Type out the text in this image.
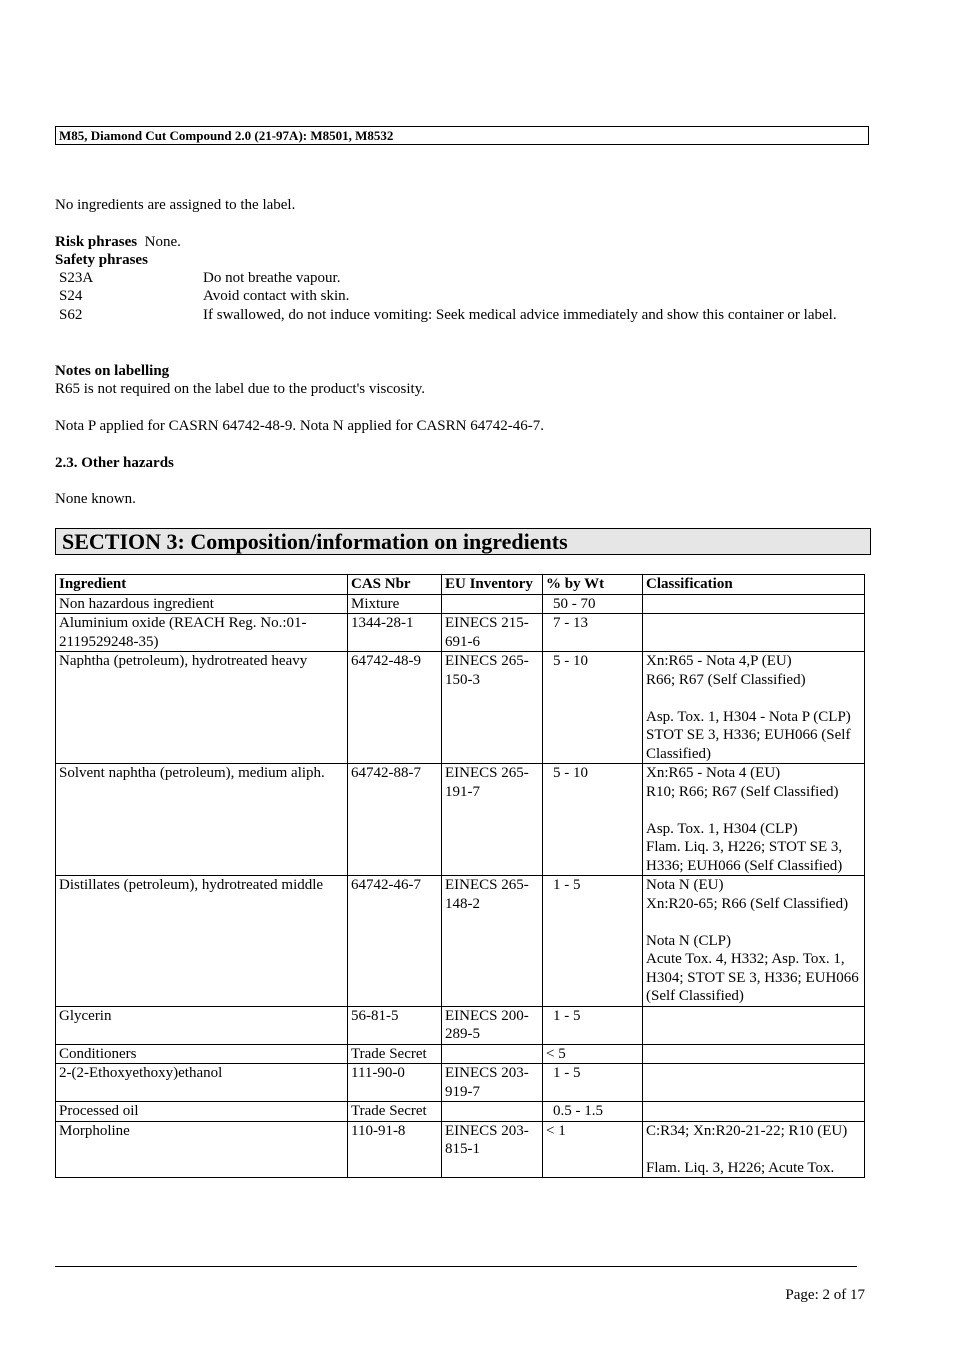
M85, Diamond Cut Compound 2.0 (21-97A): M8501, M8532
No ingredients are assigned to the label.
Risk phrases None.
Safety phrases
S23A	Do not breathe vapour.
S24	Avoid contact with skin.
S62	If swallowed, do not induce vomiting: Seek medical advice immediately and show this container or label.
Notes on labelling
R65 is not required on the label due to the product's viscosity.
Nota P applied for CASRN 64742-48-9. Nota N applied for CASRN 64742-46-7.
2.3. Other hazards
None known.
SECTION 3: Composition/information on ingredients
Ingredient	CAS Nbr	EU Inventory	% by Wt	Classification
Non hazardous ingredient	Mixture		50 - 70	
Aluminium oxide (REACH Reg. No.:01-2119529248-35)	1344-28-1	EINECS 215-691-6	7 - 13	
Naphtha (petroleum), hydrotreated heavy	64742-48-9	EINECS 265-150-3	5 - 10	Xn:R65 - Nota 4,P (EU)
R66; R67 (Self Classified)

Asp. Tox. 1, H304 - Nota P (CLP)
STOT SE 3, H336; EUH066 (Self Classified)

Solvent naphtha (petroleum), medium aliph.	64742-88-7	EINECS 265-191-7	5 - 10	Xn:R65 - Nota 4 (EU)
R10; R66; R67 (Self Classified)

Asp. Tox. 1, H304 (CLP)
Flam. Liq. 3, H226; STOT SE 3, H336; EUH066 (Self Classified)

Distillates (petroleum), hydrotreated middle	64742-46-7	EINECS 265-148-2	1 - 5	Nota N (EU)
Xn:R20-65; R66 (Self Classified)

Nota N (CLP)
Acute Tox. 4, H332; Asp. Tox. 1, H304; STOT SE 3, H336; EUH066 (Self Classified)

Glycerin	56-81-5	EINECS 200-289-5	1 - 5	
Conditioners	Trade Secret		< 5	
2-(2-Ethoxyethoxy)ethanol	111-90-0	EINECS 203-919-7	1 - 5	
Processed oil	Trade Secret		0.5 - 1.5	
Morpholine	110-91-8	EINECS 203-815-1	< 1	C:R34; Xn:R20-21-22; R10 (EU)

Flam. Liq. 3, H226; Acute Tox.
Page: 2 of 17
